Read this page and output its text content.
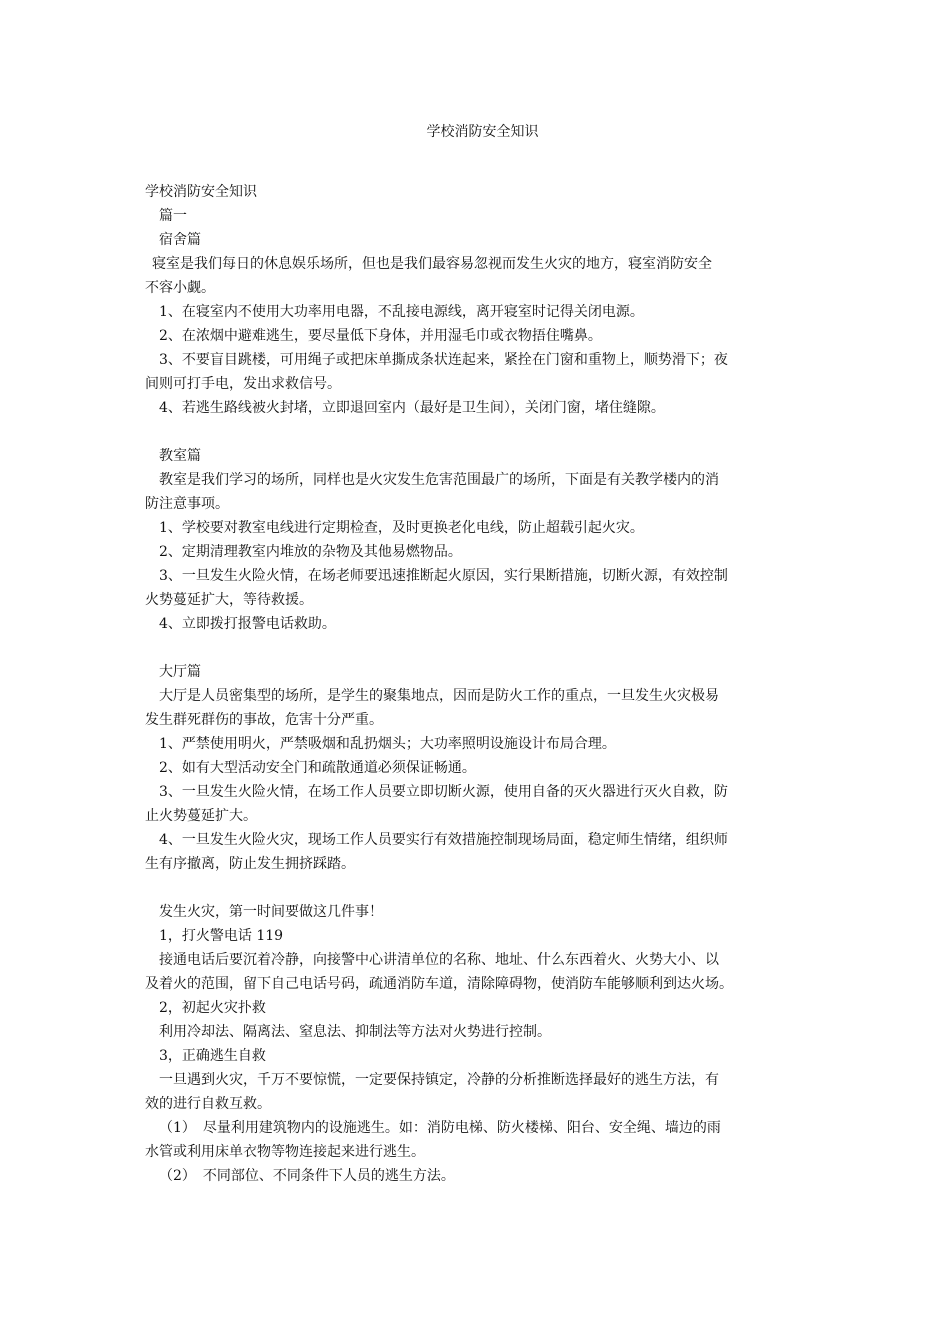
学校消防安全知识

学校消防安全知识

篇一

宿舍篇

寝室是我们每日的休息娱乐场所，但也是我们最容易忽视而发生火灾的地方，寝室消防安全

不容小觑。

1、在寝室内不使用大功率用电器，不乱接电源线，离开寝室时记得关闭电源。

2、在浓烟中避难逃生，要尽量低下身体，并用湿毛巾或衣物捂住嘴鼻。

3、不要盲目跳楼，可用绳子或把床单撕成条状连起来，紧拴在门窗和重物上，顺势滑下；夜

间则可打手电，发出求救信号。

4、若逃生路线被火封堵，立即退回室内（最好是卫生间），关闭门窗，堵住缝隙。

教室篇

教室是我们学习的场所，同样也是火灾发生危害范围最广的场所，下面是有关教学楼内的消

防注意事项。

1、学校要对教室电线进行定期检查，及时更换老化电线，防止超载引起火灾。

2、定期清理教室内堆放的杂物及其他易燃物品。

3、一旦发生火险火情，在场老师要迅速推断起火原因，实行果断措施，切断火源，有效控制

火势蔓延扩大，等待救援。

4、立即拨打报警电话救助。

大厅篇

大厅是人员密集型的场所，是学生的聚集地点，因而是防火工作的重点，一旦发生火灾极易

发生群死群伤的事故，危害十分严重。

1、严禁使用明火，严禁吸烟和乱扔烟头；大功率照明设施设计布局合理。

2、如有大型活动安全门和疏散通道必须保证畅通。

3、一旦发生火险火情，在场工作人员要立即切断火源，使用自备的灭火器进行灭火自救，防

止火势蔓延扩大。

4、一旦发生火险火灾，现场工作人员要实行有效措施控制现场局面，稳定师生情绪，组织师

生有序撤离，防止发生拥挤踩踏。

发生火灾，第一时间要做这几件事！

1，打火警电话 119

接通电话后要沉着冷静，向接警中心讲清单位的名称、地址、什么东西着火、火势大小、以

及着火的范围，留下自己电话号码，疏通消防车道，清除障碍物，使消防车能够顺利到达火场。

2，初起火灾扑救

利用冷却法、隔离法、窒息法、抑制法等方法对火势进行控制。

3，正确逃生自救

一旦遇到火灾，千万不要惊慌，一定要保持镇定，冷静的分析推断选择最好的逃生方法，有

效的进行自救互救。

（1）　尽量利用建筑物内的设施逃生。如：消防电梯、防火楼梯、阳台、安全绳、墙边的雨

水管或利用床单衣物等物连接起来进行逃生。

（2）　不同部位、不同条件下人员的逃生方法。
